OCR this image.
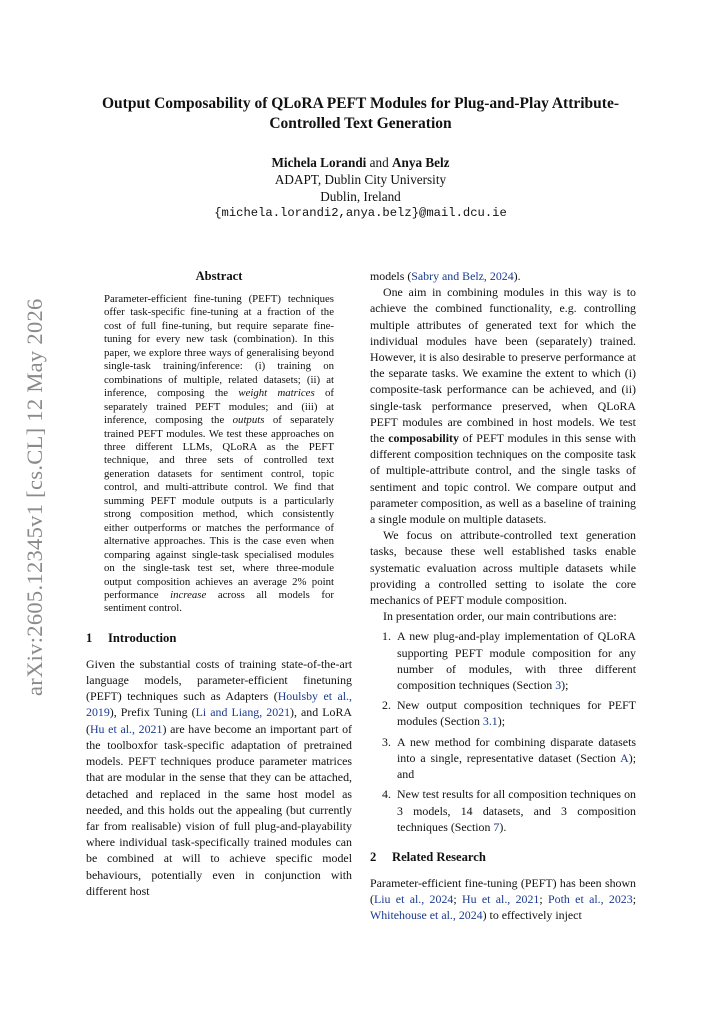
arXiv:2605.12345v1 [cs.CL] 12 May 2026
Output Composability of QLoRA PEFT Modules for Plug-and-Play Attribute-Controlled Text Generation
Michela Lorandi and Anya Belz
ADAPT, Dublin City University
Dublin, Ireland
{michela.lorandi2,anya.belz}@mail.dcu.ie
Abstract
Parameter-efficient fine-tuning (PEFT) techniques offer task-specific fine-tuning at a fraction of the cost of full fine-tuning, but require separate fine-tuning for every new task (combination). In this paper, we explore three ways of generalising beyond single-task training/inference: (i) training on combinations of multiple, related datasets; (ii) at inference, composing the weight matrices of separately trained PEFT modules; and (iii) at inference, composing the outputs of separately trained PEFT modules. We test these approaches on three different LLMs, QLoRA as the PEFT technique, and three sets of controlled text generation datasets for sentiment control, topic control, and multi-attribute control. We find that summing PEFT module outputs is a particularly strong composition method, which consistently either outperforms or matches the performance of alternative approaches. This is the case even when comparing against single-task specialised modules on the single-task test set, where three-module output composition achieves an average 2% point performance increase across all models for sentiment control.
1 Introduction

Given the substantial costs of training state-of-the-art language models, parameter-efficient finetuning (PEFT) techniques such as Adapters (Houlsby et al., 2019), Prefix Tuning (Li and Liang, 2021), and LoRA (Hu et al., 2021) are have become an important part of the toolboxfor task-specific adaptation of pretrained models. PEFT techniques produce parameter matrices that are modular in the sense that they can be attached, detached and replaced in the same host model as needed, and this holds out the appealing (but currently far from realisable) vision of full plug-and-playability where individual task-specifically trained modules can be combined at will to achieve specific model behaviours, potentially even in conjunction with different host

models (Sabry and Belz, 2024).

One aim in combining modules in this way is to achieve the combined functionality, e.g. controlling multiple attributes of generated text for which the individual modules have been (separately) trained. However, it is also desirable to preserve performance at the separate tasks. We examine the extent to which (i) composite-task performance can be achieved, and (ii) single-task performance preserved, when QLoRA PEFT modules are combined in host models. We test the composability of PEFT modules in this sense with different composition techniques on the composite task of multiple-attribute control, and the single tasks of sentiment and topic control. We compare output and parameter composition, as well as a baseline of training a single module on multiple datasets.

We focus on attribute-controlled text generation tasks, because these well established tasks enable systematic evaluation across multiple datasets while providing a controlled setting to isolate the core mechanics of PEFT module composition.

In presentation order, our main contributions are:

1. A new plug-and-play implementation of QLoRA supporting PEFT module composition for any number of modules, with three different composition techniques (Section 3);
2. New output composition techniques for PEFT modules (Section 3.1);
3. A new method for combining disparate datasets into a single, representative dataset (Section A); and
4. New test results for all composition techniques on 3 models, 14 datasets, and 3 composition techniques (Section 7).
2 Related Research

Parameter-efficient fine-tuning (PEFT) has been shown (Liu et al., 2024; Hu et al., 2021; Poth et al., 2023; Whitehouse et al., 2024) to effectively inject
